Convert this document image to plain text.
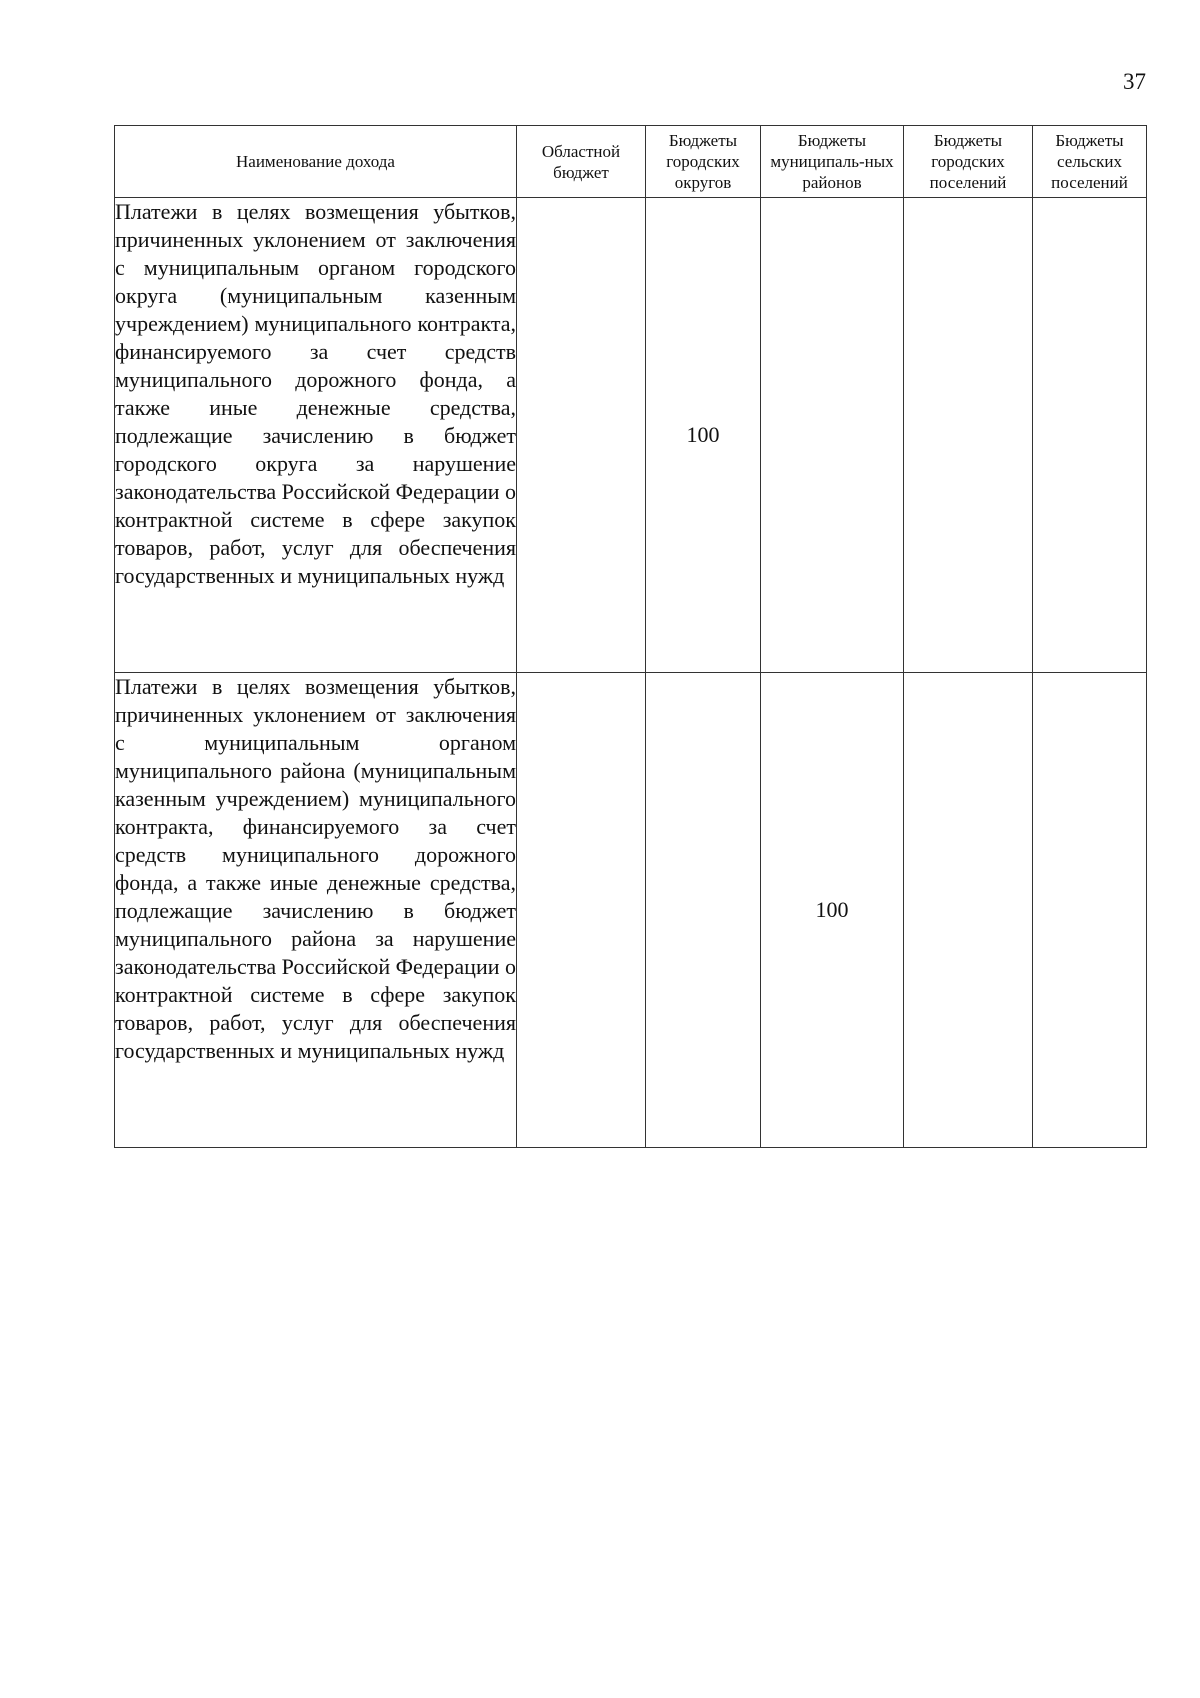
37
Наименование дохода	Областной бюджет	Бюджеты городских округов	Бюджеты муниципаль-ных районов	Бюджеты городских поселений	Бюджеты сельских поселений
Платежи в целях возмещения убытков, причиненных уклонением от заключения с муниципальным органом городского округа (муниципальным казенным учреждением) муниципального контракта, финансируемого за счет средств муниципального дорожного фонда, а также иные денежные средства, подлежащие зачислению в бюджет городского округа за нарушение законодательства Российской Федерации о контрактной системе в сфере закупок товаров, работ, услуг для обеспечения государственных и муниципальных нужд		100			
Платежи в целях возмещения убытков, причиненных уклонением от заключения с муниципальным органом муниципального района (муниципальным казенным учреждением) муниципального контракта, финансируемого за счет средств муниципального дорожного фонда, а также иные денежные средства, подлежащие зачислению в бюджет муниципального района за нарушение законодательства Российской Федерации о контрактной системе в сфере закупок товаров, работ, услуг для обеспечения государственных и муниципальных нужд			100		
